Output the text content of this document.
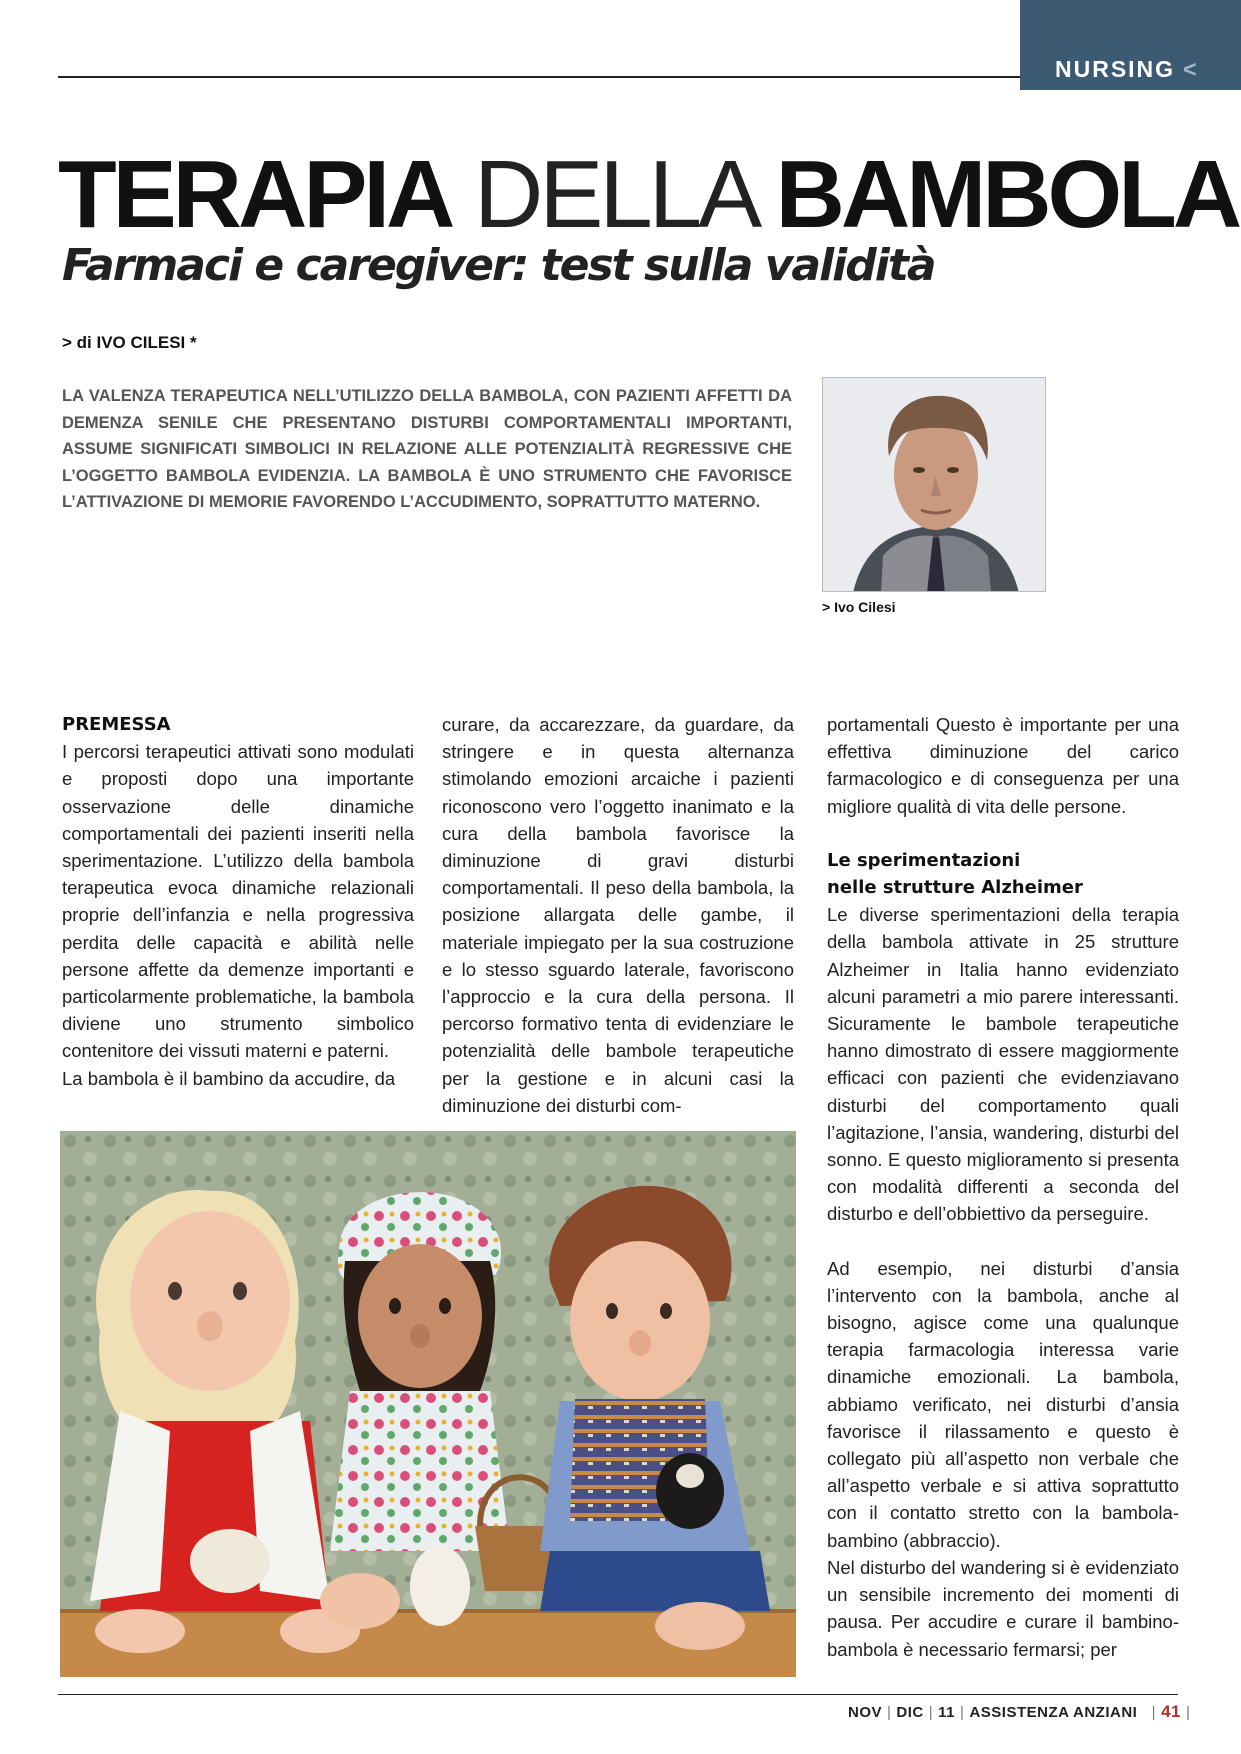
NURSING <
TERAPIA DELLA BAMBOLA
Farmaci e caregiver: test sulla validità
> di IVO CILESI *
LA VALENZA TERAPEUTICA NELL’UTILIZZO DELLA BAMBOLA, CON PAZIENTI AFFETTI DA DEMENZA SENILE CHE PRESENTANO DISTURBI COMPORTAMENTALI IMPORTANTI, ASSUME SIGNIFICATI SIMBOLICI IN RELAZIONE ALLE POTENZIALITÀ REGRESSIVE CHE L’OGGETTO BAMBOLA EVIDENZIA. LA BAMBOLA È UNO STRUMENTO CHE FAVORISCE L’ATTIVAZIONE DI MEMORIE FAVORENDO L’ACCUDIMENTO, SOPRATTUTTO MATERNO.
> Ivo Cilesi

PREMESSA

I percorsi terapeutici attivati sono modulati e proposti dopo una importante osservazione delle dinamiche comportamentali dei pazienti inseriti nella sperimentazione. L’utilizzo della bambola terapeutica evoca dinamiche relazionali proprie dell’infanzia e nella progressiva perdita delle capacità e abilità nelle persone affette da demenze importanti e particolarmente problematiche, la bambola diviene uno strumento simbolico contenitore dei vissuti materni e paterni.

La bambola è il bambino da accudire, da

curare, da accarezzare, da guardare, da stringere e in questa alternanza stimolando emozioni arcaiche i pazienti riconoscono vero l’oggetto inanimato e la cura della bambola favorisce la diminuzione di gravi disturbi comportamentali. Il peso della bambola, la posizione allargata delle gambe, il materiale impiegato per la sua costruzione e lo stesso sguardo laterale, favoriscono l’approccio e la cura della persona. Il percorso formativo tenta di evidenziare le potenzialità delle bambole terapeutiche per la gestione e in alcuni casi la diminuzione dei disturbi com-

portamentali Questo è importante per una effettiva diminuzione del carico farmacologico e di conseguenza per una migliore qualità di vita delle persone.

Le sperimentazioni

nelle strutture Alzheimer

Le diverse sperimentazioni della terapia della bambola attivate in 25 strutture Alzheimer in Italia hanno evidenziato alcuni parametri a mio parere interessanti. Sicuramente le bambole terapeutiche hanno dimostrato di essere maggiormente efficaci con pazienti che evidenziavano disturbi del comportamento quali l’agitazione, l’ansia, wandering, disturbi del sonno. E questo miglioramento si presenta con modalità differenti a seconda del disturbo e dell’obbiettivo da perseguire.

Ad esempio, nei disturbi d’ansia l’intervento con la bambola, anche al bisogno, agisce come una qualunque terapia farmacologia interessa varie dinamiche emozionali. La bambola, abbiamo verificato, nei disturbi d’ansia favorisce il rilassamento e questo è collegato più all’aspetto non verbale che all’aspetto verbale e si attiva soprattutto con il contatto stretto con la bambola-bambino (abbraccio).

Nel disturbo del wandering si è evidenziato un sensibile incremento dei momenti di pausa. Per accudire e curare il bambino-bambola è necessario fermarsi; per

NOV | DIC | 11 | ASSISTENZA ANZIANI  | 41 |
